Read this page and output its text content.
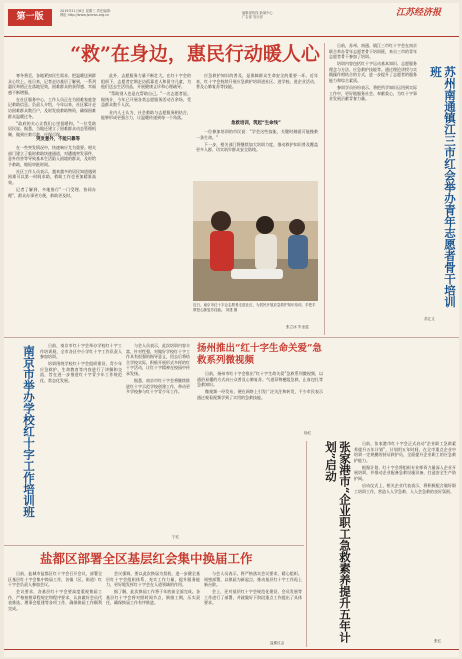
第一版
2019年11月6日 星期三 责任编辑：
网址 http://www.jsnews.org.cn
编辑部热线 新闻中心
广告部 发行部	江苏经济报
“救”在身边，惠民行动暖人心

寒冬将至，各地紧扣民生需求，把温暖送到群众心坎上。连日来，记者走访基层了解到，一系列惠民举措正在落地见效，困难群众的获得感、幸福感不断增强。

在社区服务中心，工作人员正在为困难家庭登记救助信息。负责人介绍，今年以来，社区累计走访困难群众数百户，及时发放救助物资，确保困难群众温暖过冬。

“政府的关心让我们心里很暖和。”一位受助居民说。据悉，当地还建立了困难群众动态管理机制，做到应救尽救、应保尽保。

突发意外，不能只靠等

在一些突发情况中，快速响应尤为重要。相关部门建立了临时救助快速通道，对遭遇突发事件、意外伤害等导致基本生活陷入困境的群众，及时给予救助，缩短审批时间。

社区工作人员表示，越来越多的居民知道遇到困难可以第一时间求助，救助工作也更加精准高效。

记者了解到，多地推行“一门受理、协同办理”，群众办事更方便，救助更及时。

此外，志愿服务力量不断壮大。在红十字会的组织下，志愿者定期走访孤寡老人和留守儿童，为他们送去生活用品，开展健康义诊和心理疏导。

“帮助别人也是在帮助自己。”一名志愿者说。据统计，今年已开展各类志愿服务活动百余场，受益群众数千人次。

业内人士认为，社会救助与志愿服务相结合，能够形成更强合力，让温暖传递到每一个角落。

急救培训，筑起“生命线”

应急救护知识的普及，是保障群众生命安全的重要一环。近年来，红十字会持续开展应急救护培训进社区、进学校、进企业活动，普及心肺复苏等技能。

一位参加培训的市民说：“学会这些技能，关键时刻就可能挽救一条生命。”

下一步，相关部门将继续加大培训力度，推动救护知识普及覆盖更多人群，切实筑牢群众安全防线。

张立冰 毕圣蓝
近日，南京市红十字会志愿者走进社区，为居民开展应急救护知识培训，手把手教授心肺复苏技能。 刘建 摄

日前，苏州、南通、镇江三市红十字会在南京联合举办青年志愿者骨干培训班，来自三市的青年志愿者骨干参加了培训。

培训内容包括红十字运动基本知识、志愿服务理念与方法、应急救护技能等。通过理论讲授与实践操作相结合的方式，进一步提升了志愿者的服务能力和综合素质。

参训学员纷纷表示，将把所学知识运用到实际工作中，更好地服务社会、奉献爱心，为红十字事业发展贡献青春力量。	苏州南通镇江三市红会举办青年志愿者骨干培训班
苏汇文
南京市举办学校红十字工作培训班	日前，南京市红十字会举办学校红十字工作培训班，全市各区中小学红十字工作负责人参加培训。

培训围绕学校红十字会组织建设、青少年应急救护、生命教育等内容进行了讲解和交流，旨在进一步推进红十字青少年工作规范化、常态化发展。

与会人员表示，此次培训内容丰富、针对性强，对做好学校红十字工作具有很强的指导意义，回去后将结合学校实际，积极开展形式多样的红十字活动，让红十字精神在校园中传承发扬。

据悉，南京市红十字会将继续推进红十字示范学校创建工作，带动更多学校参与红十字青少年工作。

宁红
扬州推出“红十字生命关爱”急救系列微视频

日前，扬州市红十字会推出“红十字生命关爱”急救系列微视频，以通俗易懂的方式向公众普及心肺复苏、气道异物梗阻急救、止血包扎等急救知识。

微视频一经发布，便在网络上引发广泛关注和转发，不少市民表示通过观看视频学到了实用的急救技能。

扬红
盐都区部署全区基层红会集中换届工作

日前，盐城市盐都区红十字会召开会议，部署全区基层红十字会集中换届工作，各镇（区、街道）红十字会负责人参加会议。

会议要求，各基层红十字会要高度重视换届工作，严格按照章程规定和程序要求，认真做好会员代表推选、理事会组建等各项工作，确保换届工作顺利完成。

会议强调，要以此次换届为契机，进一步健全基层红十字会组织体系，充实工作力量，提升服务能力，更好地发挥红十字会在人道领域的作用。

据了解，此次换届工作将于年底前全面完成。各基层红十字会将对照时间节点，倒排工期，压实责任，确保换届工作有序推进。

与会人员表示，将严格落实会议要求，精心组织、周密部署，以换届为新起点，推动基层红十字工作再上新台阶。

会上，还对基层红十字会规范化建设、会员发展等工作进行了部署，并就做好下阶段重点工作提出了具体要求。

盐都红会	张家港市“企业职工急救素养提升五年计划”启动	日前，张家港市红十字会正式启动“企业职工急救素养提升五年计划”，计划用五年时间，在全市重点企业中培训一定规模的持证救护员，全面提升企业职工的应急救护能力。

根据计划，红十字会将组织专业师资力量深入企业开展培训，并推动企业配备急救设施设备，打造安全生产防护网。

启动仪式上，相关企业代表表示，将积极配合做好职工培训工作，营造人人学急救、人人会急救的良好氛围。

张红
